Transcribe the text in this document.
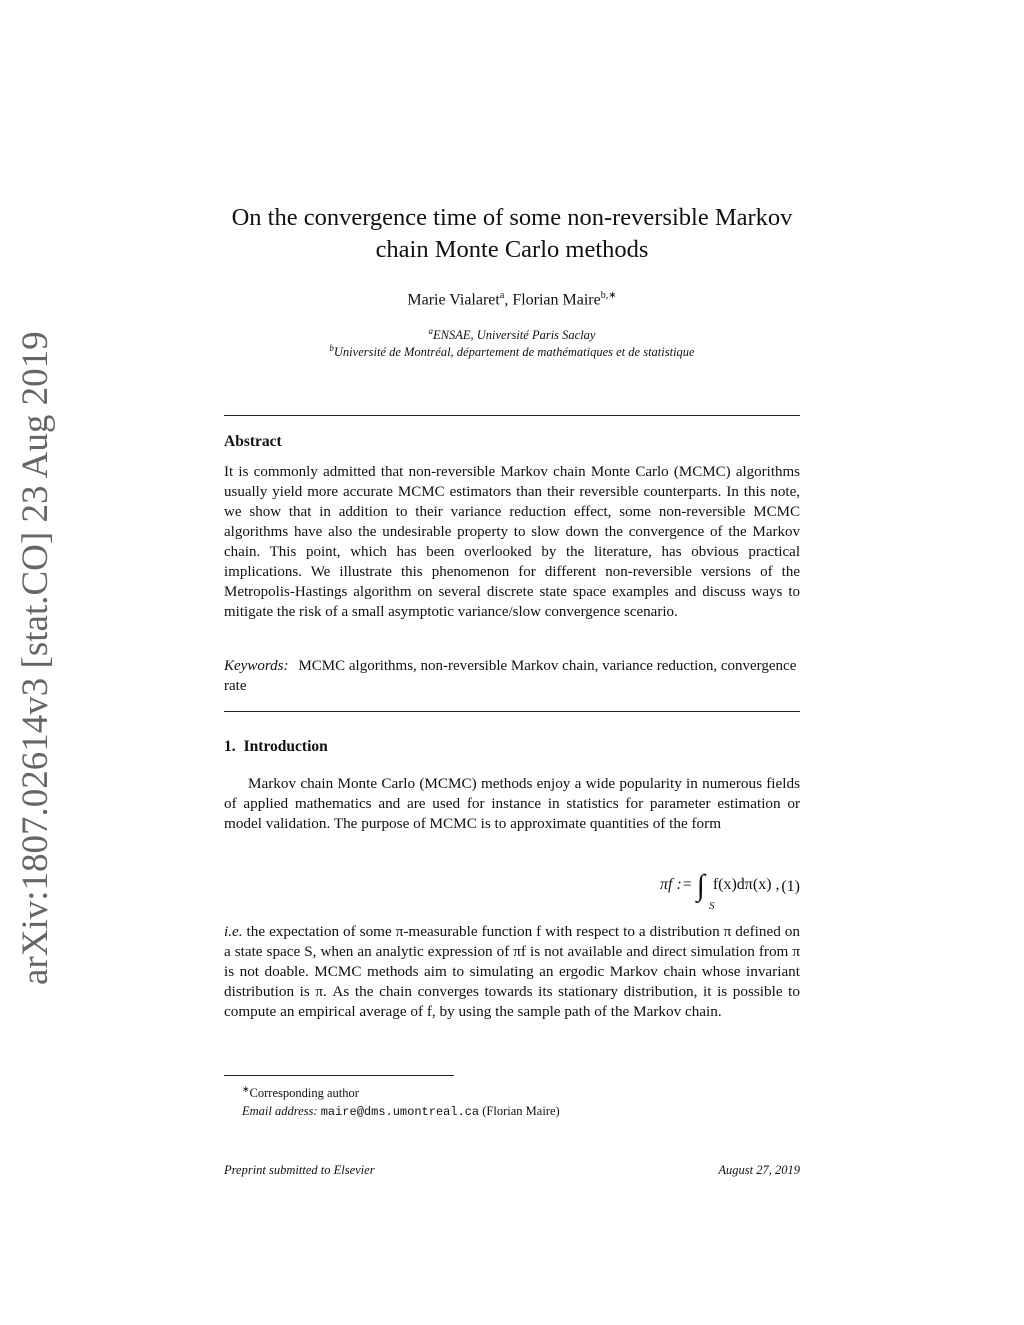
arXiv:1807.02614v3 [stat.CO] 23 Aug 2019
On the convergence time of some non-reversible Markov chain Monte Carlo methods
Marie Vialaret$^a$, Florian Maire$^{b,∗}$
$^a$ENSAE, Université Paris Saclay
$^b$Université de Montréal, département de mathématiques et de statistique
Abstract

It is commonly admitted that non-reversible Markov chain Monte Carlo (MCMC) algorithms usually yield more accurate MCMC estimators than their reversible counterparts. In this note, we show that in addition to their variance reduction effect, some non-reversible MCMC algorithms have also the undesirable property to slow down the convergence of the Markov chain. This point, which has been overlooked by the literature, has obvious practical implications. We illustrate this phenomenon for different non-reversible versions of the Metropolis-Hastings algorithm on several discrete state space examples and discuss ways to mitigate the risk of a small asymptotic variance/slow convergence scenario.

Keywords: MCMC algorithms, non-reversible Markov chain, variance reduction, convergence rate

1. Introduction

Markov chain Monte Carlo (MCMC) methods enjoy a wide popularity in numerous fields of applied mathematics and are used for instance in statistics for parameter estimation or model validation. The purpose of MCMC is to approximate quantities of the form

πf := ∫
S
f(x)dπ(x) , (1)

i.e. the expectation of some π-measurable function f with respect to a distribution π defined on a state space S, when an analytic expression of πf is not available and direct simulation from π is not doable. MCMC methods aim to simulating an ergodic Markov chain whose invariant distribution is π. As the chain converges towards its stationary distribution, it is possible to compute an empirical average of f, by using the sample path of the Markov chain.

∗Corresponding author
Email address: maire@dms.umontreal.ca (Florian Maire)
Preprint submitted to Elsevier	August 27, 2019
